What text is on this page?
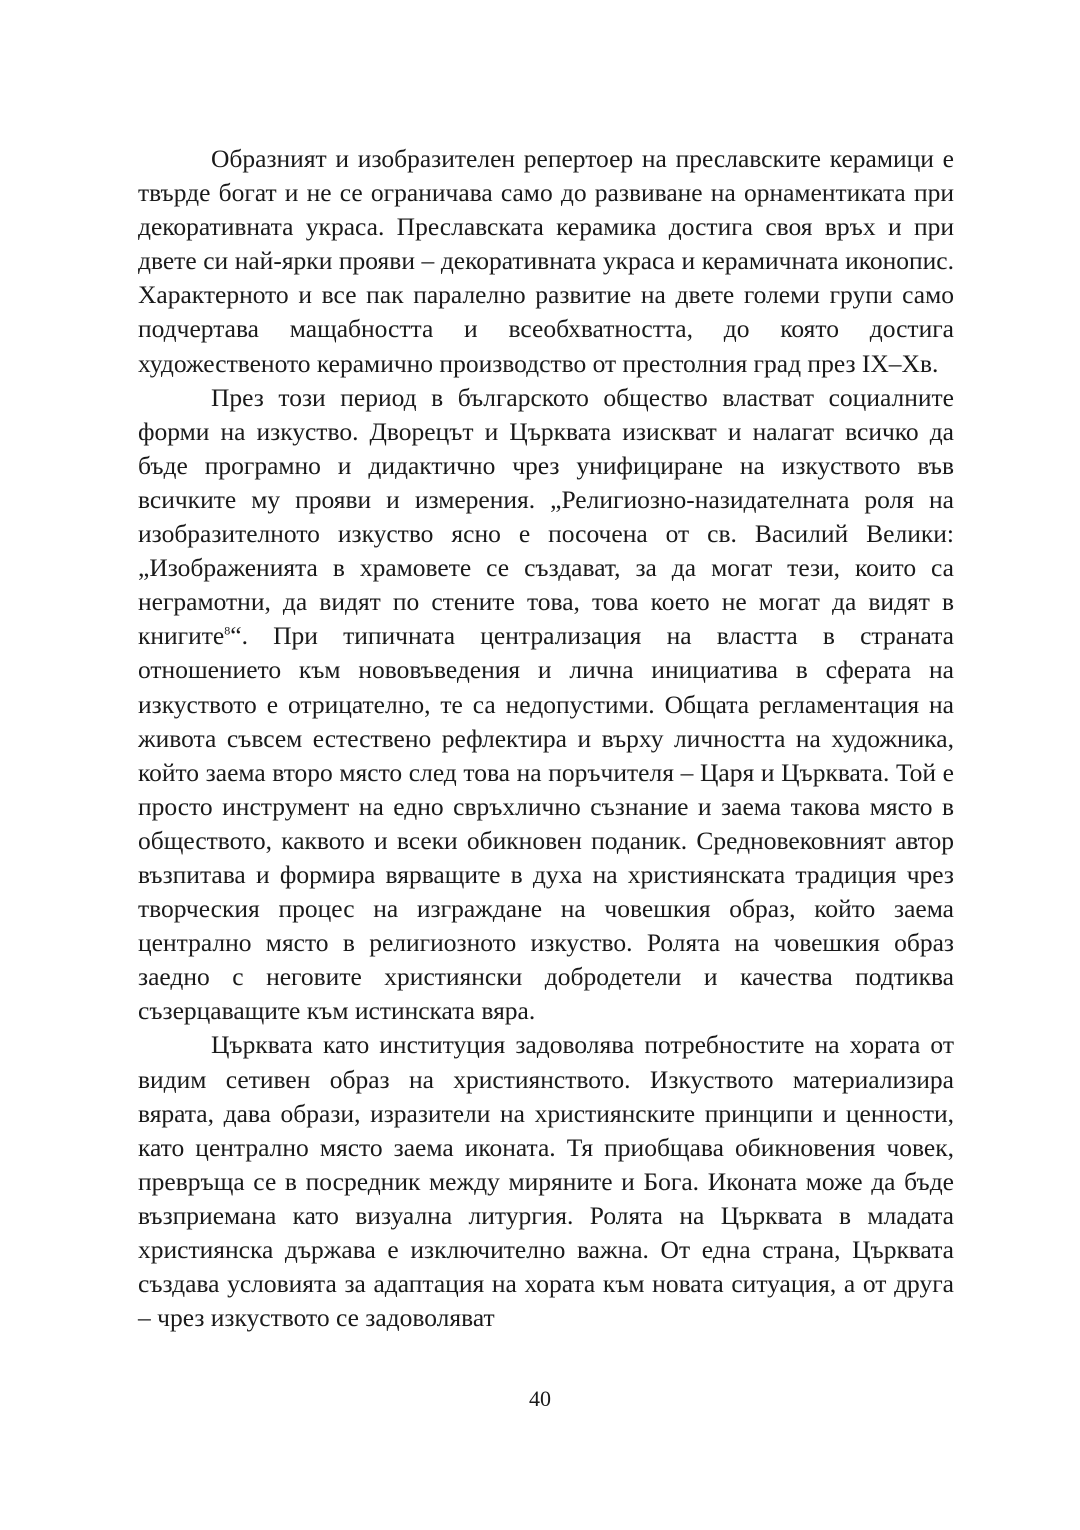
Образният и изобразителен репертоер на преславските керамици е твърде богат и не се ограничава само до развиване на орнаментиката при декоративната украса. Преславската керамика достига своя връх и при двете си най-ярки прояви – декоративната украса и керамичната иконопис. Характерното и все пак паралелно развитие на двете големи групи само подчертава мащабността и всеобхватността, до която достига художественото керамично производство от престолния град през IX–Xв.

През този период в българското общество властват социалните форми на изкуство. Дворецът и Църквата изискват и налагат всичко да бъде програмно и дидактично чрез унифициране на изкуството във всичките му прояви и измерения. „Религиозно-назидателната роля на изобразителното изкуство ясно е посочена от св. Василий Велики: „Изображенията в храмовете се създават, за да могат тези, които са неграмотни, да видят по стените това, това което не могат да видят в книгите$^8$“. При типичната централизация на властта в страната отношението към нововъведения и лична инициатива в сферата на изкуството е отрицателно, те са недопустими. Общата регламентация на живота съвсем естествено рефлектира и върху личността на художника, който заема второ място след това на поръчителя – Царя и Църквата. Той е просто инструмент на едно свръхлично съзнание и заема такова място в обществото, каквото и всеки обикновен поданик. Средновековният автор възпитава и формира вярващите в духа на християнската традиция чрез творческия процес на изграждане на човешкия образ, който заема централно място в религиозното изкуство. Ролята на човешкия образ заедно с неговите християнски добродетели и качества подтиква съзерцаващите към истинската вяра.

Църквата като институция задоволява потребностите на хората от видим сетивен образ на християнството. Изкуството материализира вярата, дава образи, изразители на християнските принципи и ценности, като централно място заема иконата. Тя приобщава обикновения човек, превръща се в посредник между миряните и Бога. Иконата може да бъде възприемана като визуална литургия. Ролята на Църквата в младата християнска държава е изключително важна. От една страна, Църквата създава условията за адаптация на хората към новата ситуация, а от друга – чрез изкуството се задоволяват

40
